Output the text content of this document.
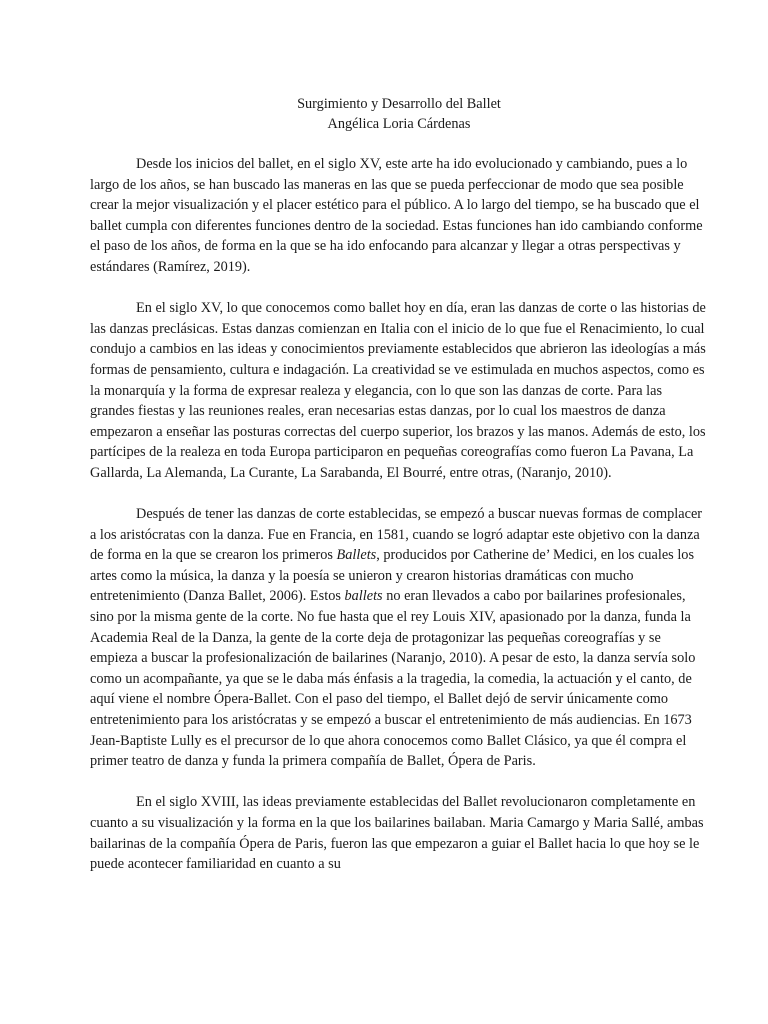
Surgimiento y Desarrollo del Ballet
Angélica Loria Cárdenas

Desde los inicios del ballet, en el siglo XV, este arte ha ido evolucionado y cambiando, pues a lo largo de los años, se han buscado las maneras en las que se pueda perfeccionar de modo que sea posible crear la mejor visualización y el placer estético para el público. A lo largo del tiempo, se ha buscado que el ballet cumpla con diferentes funciones dentro de la sociedad. Estas funciones han ido cambiando conforme el paso de los años, de forma en la que se ha ido enfocando para alcanzar y llegar a otras perspectivas y estándares (Ramírez, 2019).

En el siglo XV, lo que conocemos como ballet hoy en día, eran las danzas de corte o las historias de las danzas preclásicas. Estas danzas comienzan en Italia con el inicio de lo que fue el Renacimiento, lo cual condujo a cambios en las ideas y conocimientos previamente establecidos que abrieron las ideologías a más formas de pensamiento, cultura e indagación. La creatividad se ve estimulada en muchos aspectos, como es la monarquía y la forma de expresar realeza y elegancia, con lo que son las danzas de corte. Para las grandes fiestas y las reuniones reales, eran necesarias estas danzas, por lo cual los maestros de danza empezaron a enseñar las posturas correctas del cuerpo superior, los brazos y las manos. Además de esto, los partícipes de la realeza en toda Europa participaron en pequeñas coreografías como fueron La Pavana, La Gallarda, La Alemanda, La Curante, La Sarabanda, El Bourré, entre otras, (Naranjo, 2010).

Después de tener las danzas de corte establecidas, se empezó a buscar nuevas formas de complacer a los aristócratas con la danza. Fue en Francia, en 1581, cuando se logró adaptar este objetivo con la danza de forma en la que se crearon los primeros Ballets, producidos por Catherine de’ Medici, en los cuales los artes como la música, la danza y la poesía se unieron y crearon historias dramáticas con mucho entretenimiento (Danza Ballet, 2006). Estos ballets no eran llevados a cabo por bailarines profesionales, sino por la misma gente de la corte. No fue hasta que el rey Louis XIV, apasionado por la danza, funda la Academia Real de la Danza, la gente de la corte deja de protagonizar las pequeñas coreografías y se empieza a buscar la profesionalización de bailarines (Naranjo, 2010). A pesar de esto, la danza servía solo como un acompañante, ya que se le daba más énfasis a la tragedia, la comedia, la actuación y el canto, de aquí viene el nombre Ópera-Ballet. Con el paso del tiempo, el Ballet dejó de servir únicamente como entretenimiento para los aristócratas y se empezó a buscar el entretenimiento de más audiencias. En 1673 Jean-Baptiste Lully es el precursor de lo que ahora conocemos como Ballet Clásico, ya que él compra el primer teatro de danza y funda la primera compañía de Ballet, Ópera de Paris.

En el siglo XVIII, las ideas previamente establecidas del Ballet revolucionaron completamente en cuanto a su visualización y la forma en la que los bailarines bailaban. Maria Camargo y Maria Sallé, ambas bailarinas de la compañía Ópera de Paris, fueron las que empezaron a guiar el Ballet hacia lo que hoy se le puede acontecer familiaridad en cuanto a su
